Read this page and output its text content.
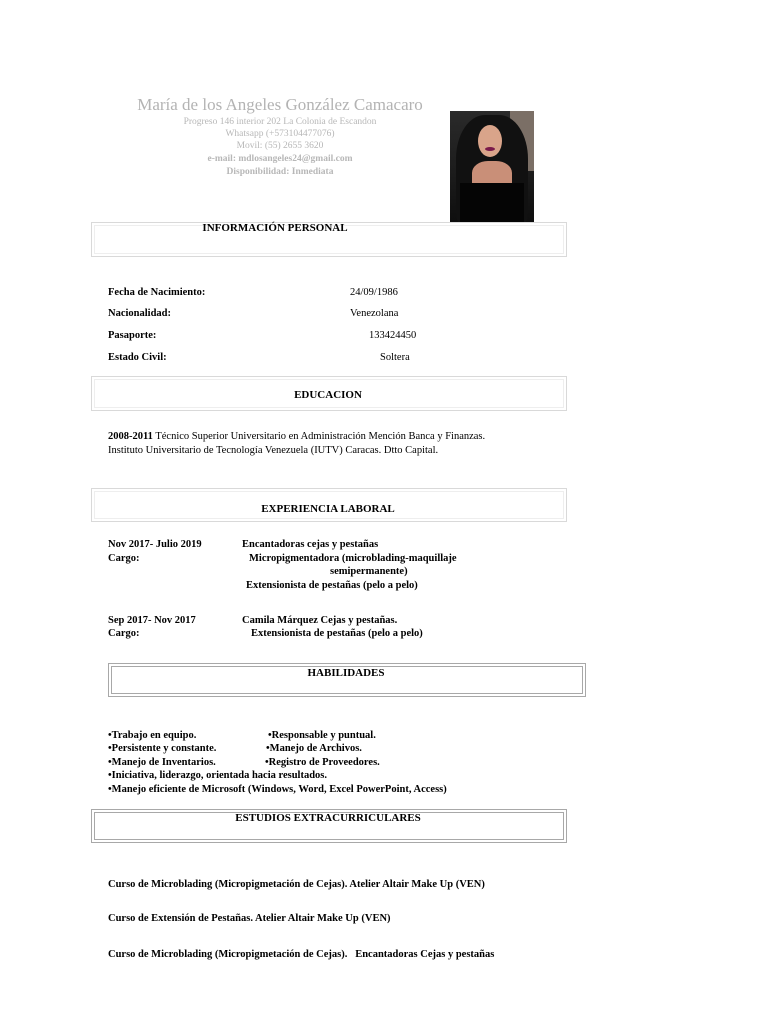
María de los Angeles González Camacaro
Progreso 146 interior 202 La Colonia de Escandon
Whatsapp (+573104477076)
Movil: (55) 2655 3620
e-mail: mdlosangeles24@gmail.com
Disponibilidad: Inmediata
INFORMACIÓN PERSONAL
Fecha de Nacimiento:	24/09/1986
Nacionalidad:	Venezolana
Pasaporte:	133424450
Estado Civil:	Soltera
EDUCACION
2008-2011 Técnico Superior Universitario en Administración Mención Banca y Finanzas.
Instituto Universitario de Tecnología Venezuela (IUTV) Caracas. Dtto Capital.
EXPERIENCIA LABORAL
Nov 2017- Julio 2019	Encantadoras cejas y pestañas
Cargo:	Micropigmentadora (microblading-maquillaje
semipermanente)
Extensionista de pestañas (pelo a pelo)
Sep 2017- Nov 2017	Camila Márquez Cejas y pestañas.
Cargo:	Extensionista de pestañas (pelo a pelo)
HABILIDADES
•Trabajo en equipo.
•Persistente y constante.
•Manejo de Inventarios.
•Responsable y puntual.
•Manejo de Archivos.
•Registro de Proveedores.
•Iniciativa, liderazgo, orientada hacia resultados.
•Manejo eficiente de Microsoft (Windows, Word, Excel PowerPoint, Access)
ESTUDIOS EXTRACURRICULARES
Curso de Microblading (Micropigmetación de Cejas). Atelier Altair Make Up (VEN)
Curso de Extensión de Pestañas. Atelier Altair Make Up (VEN)
Curso de Microblading (Micropigmetación de Cejas).   Encantadoras Cejas y pestañas
